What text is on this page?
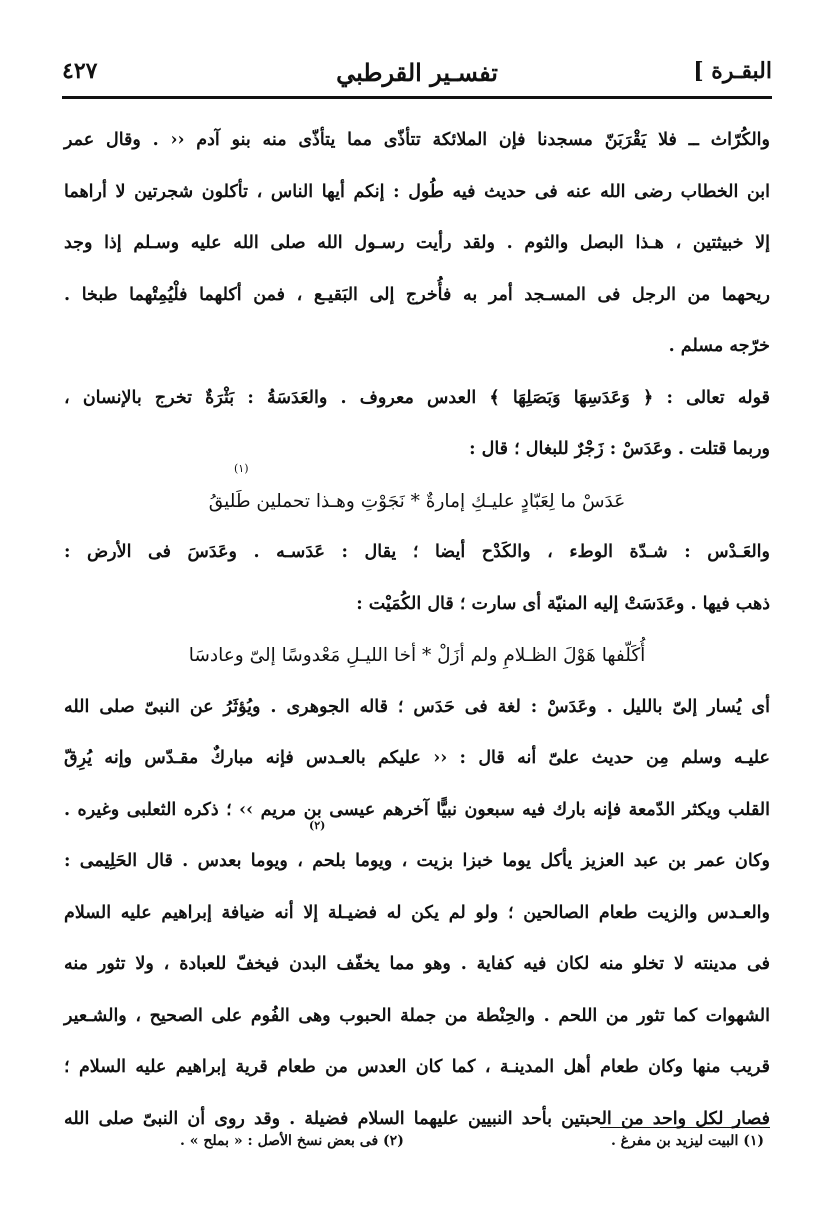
البقـرة ]
تفسـير القرطبي
٤٢٧
والكُرّاث ــ فلا يَقْرَبَنّ مسجدنا فإن الملائكة تتأذّى مما يتأذّى منه بنو آدم ‹‹ . وقال عمر
ابن الخطاب رضى الله عنه فى حديث فيه طُول : إنكم أيها الناس ، تأكلون شجرتين لا أراهما
إلا خبيثتين ، هـذا البصل والثوم . ولقد رأيت رسـول الله صلى الله عليه وسـلم إذا وجد
ريحهما من الرجل فى المسـجد أمر به فأُخرج إلى البَقيـع ، فمن أكلهما فلْيُمِتْهما طبخا .
خرّجه مسلم .
قوله تعالى : ﴿ وَعَدَسِهَا وَبَصَلِهَا ﴾ العدس معروف . والعَدَسَةُ : بَثْرَةٌ تخرج بالإنسان ،
وربما قتلت . وعَدَسْ : زَجْرٌ للبغال ؛ قال :
عَدَسْ ما لِعَبّادٍ عليـكِ إمارةٌ * نَجَوْتِ وهـذا تحملين طَليقُ
(١)
والعَـدْس : شـدّة الوطء ، والكَدْح أيضا ؛ يقال : عَدَسـه . وعَدَسَ فى الأرض :
ذهب فيها . وعَدَسَتْ إليه المنيّة أى سارت ؛ قال الكُمَيْت :
أُكَلّفها هَوْلَ الظـلامِ ولم أزَلْ * أخا الليـلِ مَعْدوسًا إلىّ وعادسَا
أى يُسار إلىّ بالليل . وعَدَسْ : لغة فى حَدَس ؛ قاله الجوهرى . ويُؤثَرُ عن النبىّ صلى الله
عليـه وسلم مِن حديث علىّ أنه قال : ‹‹ عليكم بالعـدس فإنه مباركٌ مقـدّس وإنه يُرِقّ
القلب ويكثر الدّمعة فإنه بارك فيه سبعون نبيًّا آخرهم عيسى بن مريم ›› ؛ ذكره الثعلبى وغيره .
(٢)
وكان عمر بن عبد العزيز يأكل يوما خبزا بزيت ، ويوما بلحم ، ويوما بعدس . قال الحَلِيمى :
والعـدس والزيت طعام الصالحين ؛ ولو لم يكن له فضيـلة إلا أنه ضيافة إبراهيم عليه السلام
فى مدينته لا تخلو منه لكان فيه كفاية . وهو مما يخفّف البدن فيخفّ للعبادة ، ولا تثور منه
الشهوات كما تثور من اللحم . والحِنْطة من جملة الحبوب وهى الفُوم على الصحيح ، والشـعير
قريب منها وكان طعام أهل المدينـة ، كما كان العدس من طعام قرية إبراهيم عليه السلام ؛
فصار لكل واحد من الحبتين بأحد النبيين عليهما السلام فضيلة . وقد روى أن النبىّ صلى الله
(١) البيت ليزيد بن مفرغ .
(٢) فى بعض نسخ الأصل : « بملح » .
